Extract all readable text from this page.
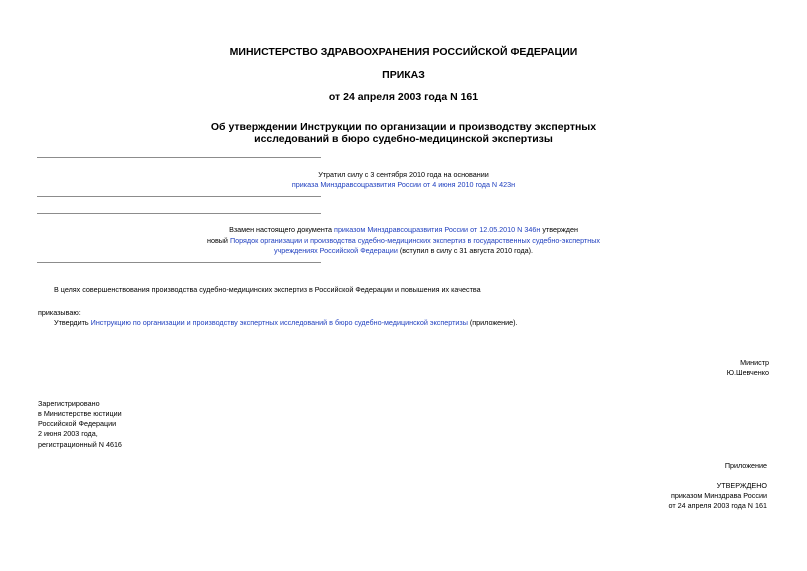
МИНИСТЕРСТВО ЗДРАВООХРАНЕНИЯ РОССИЙСКОЙ ФЕДЕРАЦИИ
ПРИКАЗ
от 24 апреля 2003 года N 161
Об утверждении Инструкции по организации и производству экспертных
исследований в бюро судебно-медицинской экспертизы
Утратил силу с 3 сентября 2010 года на основании
приказа Минздравсоцразвития России от 4 июня 2010 года N 423н
Взамен настоящего документа приказом Минздравсоцразвития России от 12.05.2010 N 346н утвержден
новый Порядок организации и производства судебно-медицинских экспертиз в государственных судебно-экспертных
учреждениях Российской Федерации (вступил в силу с 31 августа 2010 года).
В целях совершенствования производства судебно-медицинских экспертиз в Российской Федерации и повышения их качества
приказываю:
Утвердить Инструкцию по организации и производству экспертных исследований в бюро судебно-медицинской экспертизы (приложение).
Министр
Ю.Шевченко
Зарегистрировано
в Министерстве юстиции
Российской Федерации
2 июня 2003 года,
регистрационный N 4616
Приложение
УТВЕРЖДЕНО
приказом Минздрава России
от 24 апреля 2003 года N 161
